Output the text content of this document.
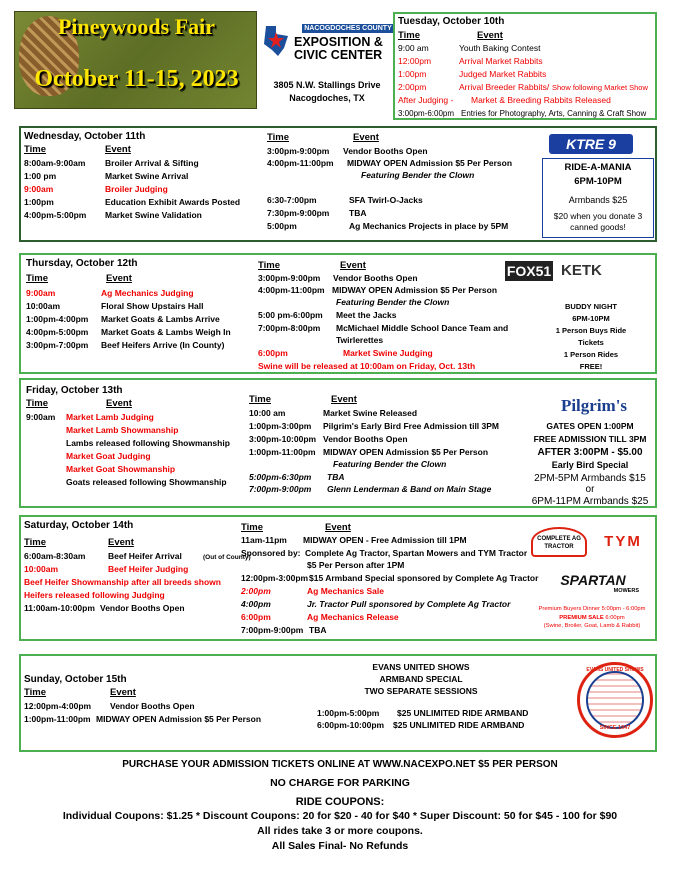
Pineywoods Fair
October 11-15, 2023
NACOGDOCHES COUNTY
EXPOSITION &
CIVIC CENTER
3805 N.W. Stallings Drive
Nacogdoches, TX
Tuesday, October 10th
Time	Event
9:00 am	Youth Baking Contest
12:00pm	Arrival Market Rabbits
1:00pm	Judged Market Rabbits
2:00pm	Arrival Breeder Rabbits/ Show following Market Show
After Judging - Market & Breeding Rabbits Released
3:00pm-6:00pm Entries for Photography, Arts, Canning & Craft Show
Wednesday, October 11th
Time	Event
8:00am-9:00am Broiler Arrival & Sifting
1:00 pm	Market Swine Arrival
9:00am	Broiler Judging
1:00pm	Education Exhibit Awards Posted
4:00pm-5:00pm Market Swine Validation
Time	Event
3:00pm-9:00pm Vendor Booths Open
4:00pm-11:00pm MIDWAY OPEN Admission $5 Per Person
Featuring Bender the Clown
6:30-7:00pm	SFA Twirl-O-Jacks
7:30pm-9:00pm TBA
5:00pm	Ag Mechanics Projects in place by 5PM
KTRE 9
RIDE-A-MANIA
6PM-10PM
Armbands $25
$20 when you donate 3 canned goods!
Thursday, October 12th
Time	Event
9:00am	Ag Mechanics Judging
10:00am	Floral Show Upstairs Hall
1:00pm-4:00pm Market Goats & Lambs Arrive
4:00pm-5:00pm Market Goats & Lambs Weigh In
3:00pm-7:00pm Beef Heifers Arrive (In County)
Time	Event
3:00pm-9:00pm Vendor Booths Open
4:00pm-11:00pm MIDWAY OPEN Admission $5 Per Person
Featuring Bender the Clown
5:00 pm-6:00pm Meet the Jacks
7:00pm-8:00pm McMichael Middle School Dance Team and
Twirlerettes
6:00pm	Market Swine Judging
Swine will be released at 10:00am on Friday, Oct. 13th
FOX51 KETK
BUDDY NIGHT
6PM-10PM
1 Person Buys Ride
Tickets
1 Person Rides
FREE!
Friday, October 13th
Time	Event
9:00am Market Lamb Judging
Market Lamb Showmanship
Lambs released following Showmanship
Market Goat Judging
Market Goat Showmanship
Goats released following Showmanship
Time	Event
10:00 am	Market Swine Released
1:00pm-3:00pm Pilgrim's Early Bird Free Admission till 3PM
3:00pm-10:00pm Vendor Booths Open
1:00pm-11:00pm MIDWAY OPEN Admission $5 Per Person
Featuring Bender the Clown
5:00pm-6:30pm TBA
7:00pm-9:00pm Glenn Lenderman & Band on Main Stage
Pilgrim's
GATES OPEN 1:00PM
FREE ADMISSION TILL 3PM
AFTER 3:00PM - $5.00
Early Bird Special
2PM-5PM Armbands $15
or
6PM-11PM Armbands $25
Saturday, October 14th
Time	Event
6:00am-8:30am	Beef Heifer Arrival	(Out of County)
10:00am	Beef Heifer Judging
Beef Heifer Showmanship after all breeds shown
Heifers released following Judging
11:00am-10:00pm Vendor Booths Open
Time	Event
11am-11pm MIDWAY OPEN - Free Admission till 1PM
Sponsored by: Complete Ag Tractor, Spartan Mowers and TYM Tractor
$5 Per Person after 1PM
12:00pm-3:00pm $15 Armband Special sponsored by Complete Ag Tractor
2:00pm	Ag Mechanics Sale
4:00pm	Jr. Tractor Pull sponsored by Complete Ag Tractor
6:00pm	Ag Mechanics Release
7:00pm-9:00pm TBA
COMPLETE AG TRACTOR	TYM
SPARTAN
MOWERS
Premium Buyers Dinner 5:00pm - 6:00pm
PREMIUM SALE 6:00pm
(Swine, Broiler, Goat, Lamb & Rabbit)
Sunday, October 15th
Time	Event
12:00pm-4:00pm Vendor Booths Open
1:00pm-11:00pm MIDWAY OPEN Admission $5 Per Person
EVANS UNITED SHOWS
ARMBAND SPECIAL
TWO SEPARATE SESSIONS
1:00pm-5:00pm $25 UNLIMITED RIDE ARMBAND
6:00pm-10:00pm $25 UNLIMITED RIDE ARMBAND
EVANS UNITED SHOWS
SINCE 1947
PURCHASE YOUR ADMISSION TICKETS ONLINE AT WWW.NACEXPO.NET $5 PER PERSON
NO CHARGE FOR PARKING
RIDE COUPONS:
Individual Coupons: $1.25 * Discount Coupons: 20 for $20 - 40 for $40 * Super Discount: 50 for $45 - 100 for $90
All rides take 3 or more coupons.
All Sales Final- No Refunds
